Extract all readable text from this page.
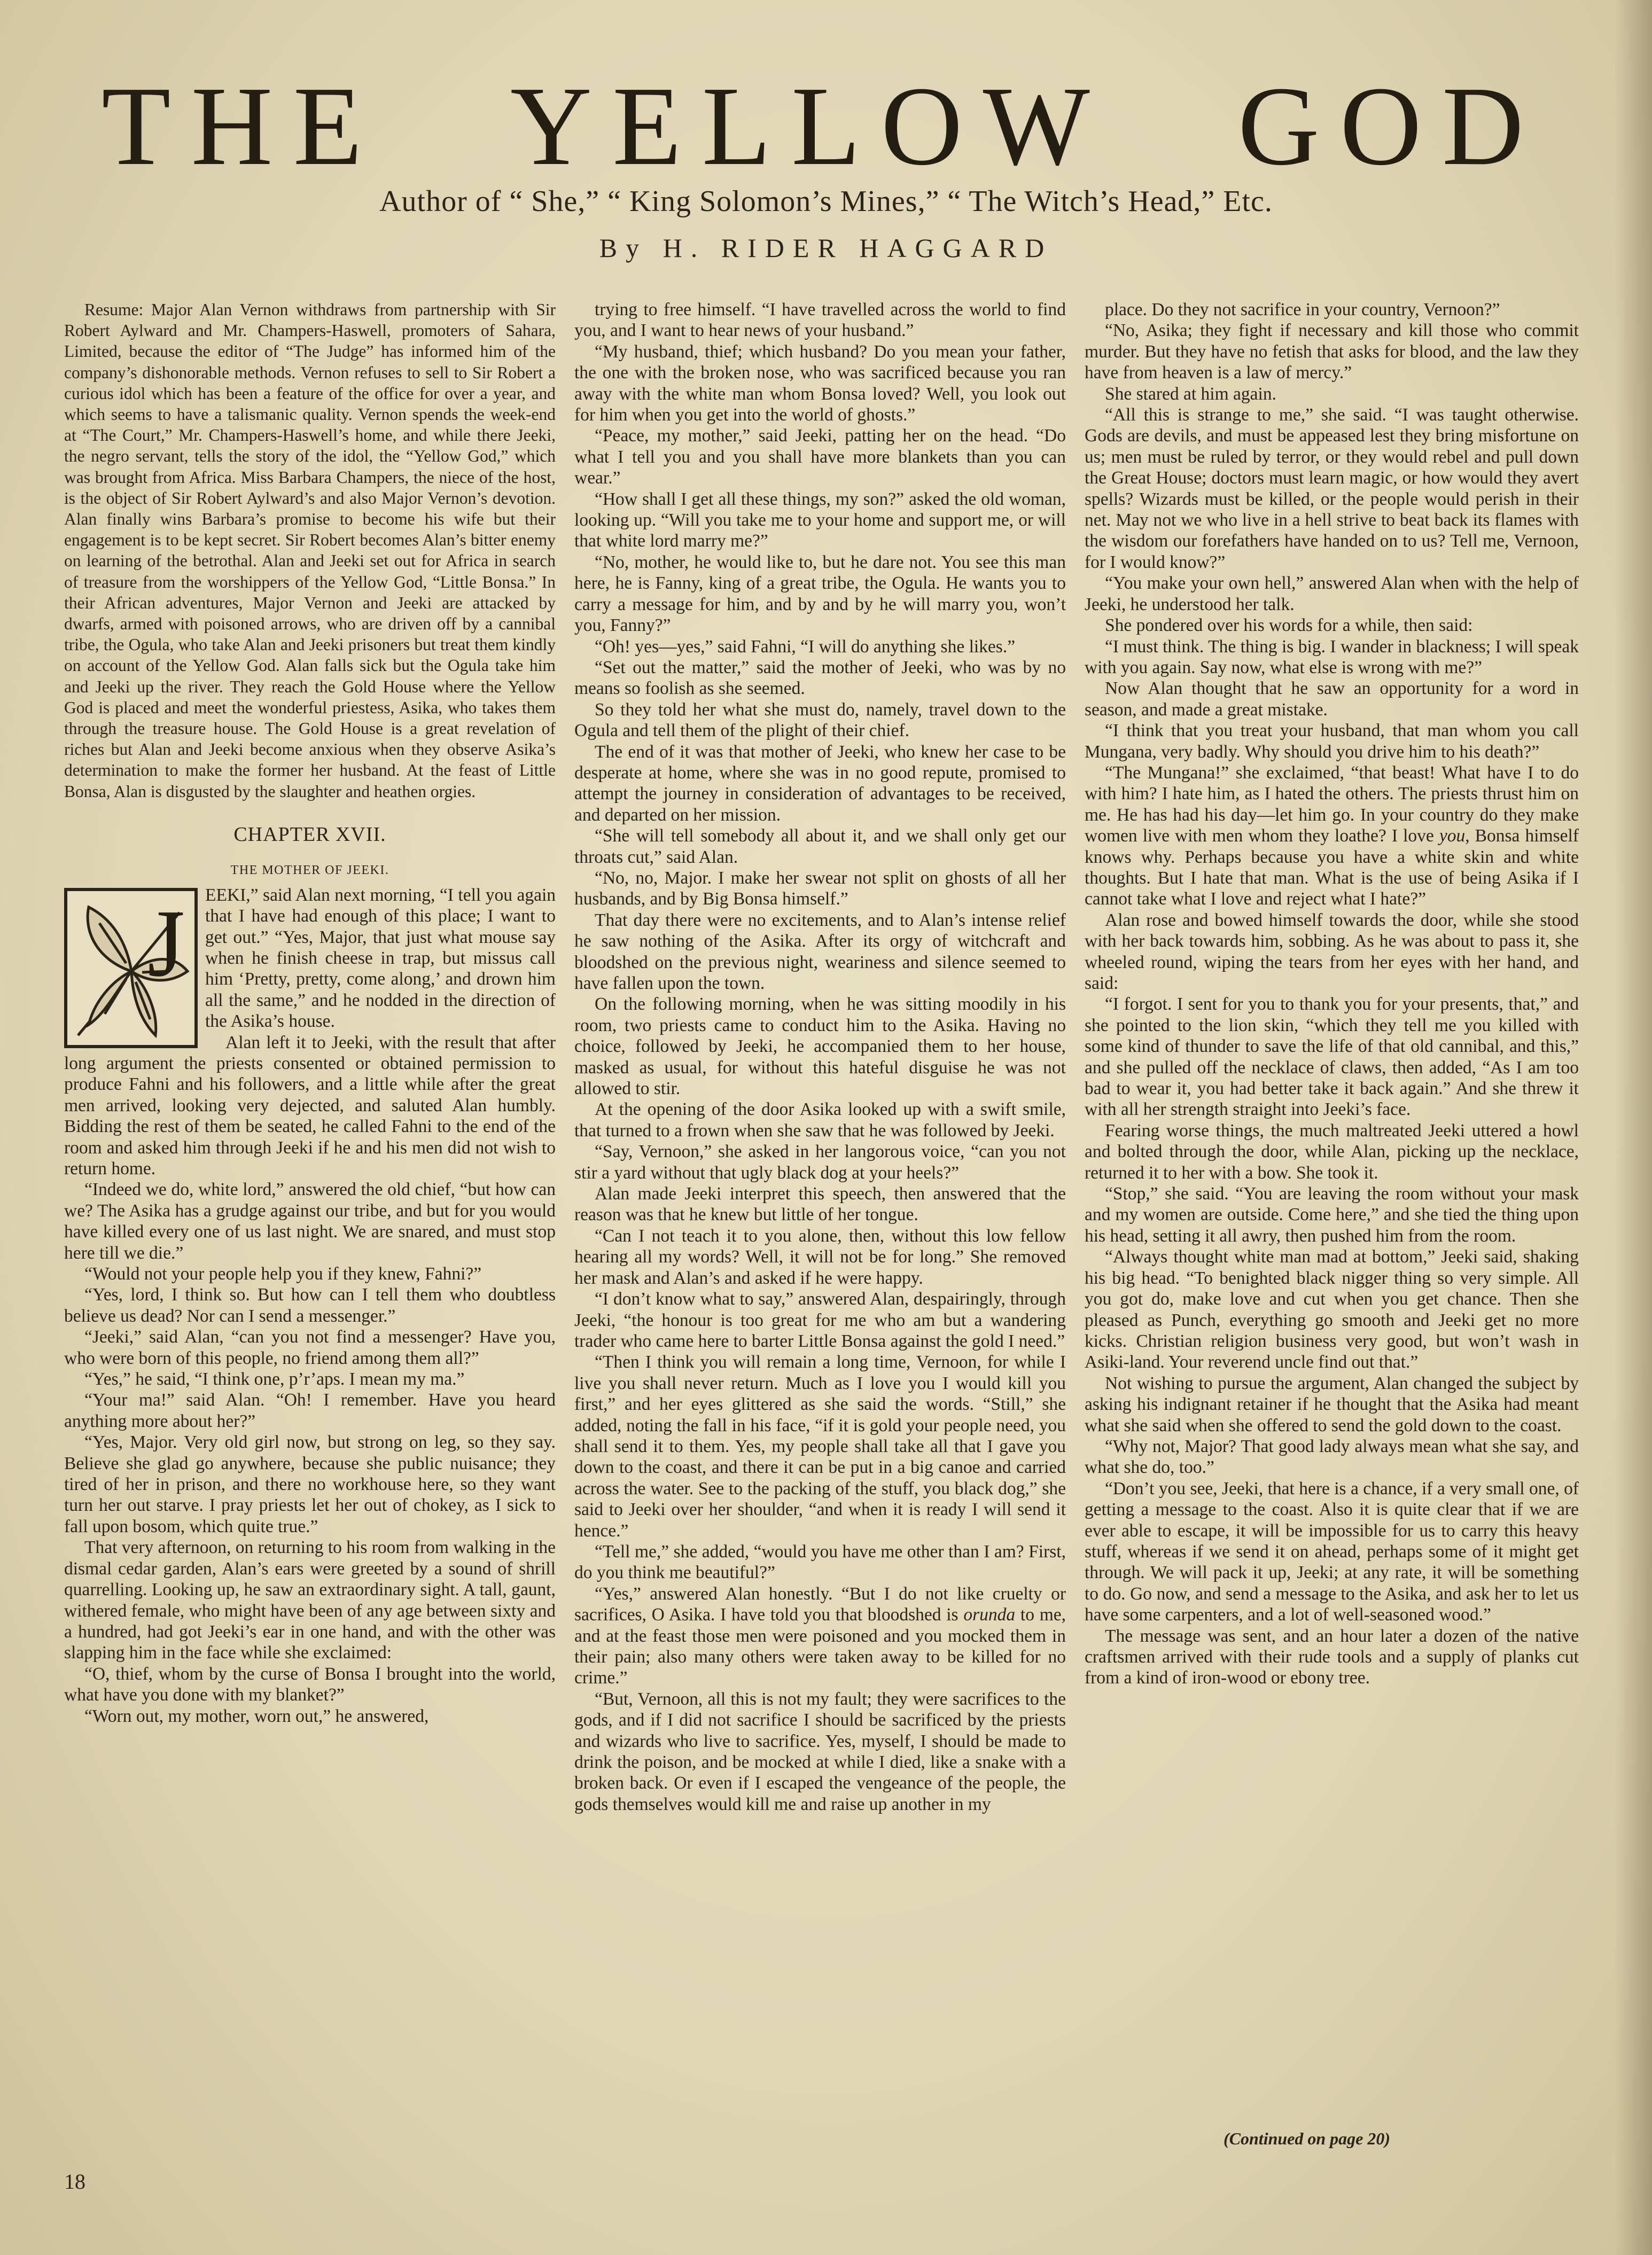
THE YELLOW GOD
Author of “ She,” “ King Solomon’s Mines,” “ The Witch’s Head,” Etc.
By H. RIDER HAGGARD

Resume: Major Alan Vernon withdraws from partnership with Sir Robert Aylward and Mr. Champers-Haswell, promoters of Sahara, Limited, because the editor of “The Judge” has informed him of the company’s dishonorable methods. Vernon refuses to sell to Sir Robert a curious idol which has been a feature of the office for over a year, and which seems to have a talismanic quality. Vernon spends the week-end at “The Court,” Mr. Champers-Haswell’s home, and while there Jeeki, the negro servant, tells the story of the idol, the “Yellow God,” which was brought from Africa. Miss Barbara Champers, the niece of the host, is the object of Sir Robert Aylward’s and also Major Vernon’s devotion. Alan finally wins Barbara’s promise to become his wife but their engagement is to be kept secret. Sir Robert becomes Alan’s bitter enemy on learning of the betrothal. Alan and Jeeki set out for Africa in search of treasure from the worshippers of the Yellow God, “Little Bonsa.” In their African adventures, Major Vernon and Jeeki are attacked by dwarfs, armed with poisoned arrows, who are driven off by a cannibal tribe, the Ogula, who take Alan and Jeeki prisoners but treat them kindly on account of the Yellow God. Alan falls sick but the Ogula take him and Jeeki up the river. They reach the Gold House where the Yellow God is placed and meet the wonderful priestess, Asika, who takes them through the treasure house. The Gold House is a great revelation of riches but Alan and Jeeki become anxious when they observe Asika’s determination to make the former her husband. At the feast of Little Bonsa, Alan is disgusted by the slaughter and heathen orgies.

CHAPTER XVII.
THE MOTHER OF JEEKI.
J	EEKI,” said Alan next morning, “I tell you again that I have had enough of this place; I want to get out.” “Yes, Major, that just what mouse say when he finish cheese in trap, but missus call him ‘Pretty, pretty, come along,’ and drown him all the same,” and he nodded in the direction of the Asika’s house.

Alan left it to Jeeki, with the result that after long argument the priests consented or obtained permission to produce Fahni and his followers, and a little while after the great men arrived, looking very dejected, and saluted Alan humbly. Bidding the rest of them be seated, he called Fahni to the end of the room and asked him through Jeeki if he and his men did not wish to return home.

“Indeed we do, white lord,” answered the old chief, “but how can we? The Asika has a grudge against our tribe, and but for you would have killed every one of us last night. We are snared, and must stop here till we die.”

“Would not your people help you if they knew, Fahni?”

“Yes, lord, I think so. But how can I tell them who doubtless believe us dead? Nor can I send a messenger.”

“Jeeki,” said Alan, “can you not find a messenger? Have you, who were born of this people, no friend among them all?”

“Yes,” he said, “I think one, p’r’aps. I mean my ma.”

“Your ma!” said Alan. “Oh! I remember. Have you heard anything more about her?”

“Yes, Major. Very old girl now, but strong on leg, so they say. Believe she glad go anywhere, because she public nuisance; they tired of her in prison, and there no workhouse here, so they want turn her out starve. I pray priests let her out of chokey, as I sick to fall upon bosom, which quite true.”

That very afternoon, on returning to his room from walking in the dismal cedar garden, Alan’s ears were greeted by a sound of shrill quarrelling. Looking up, he saw an extraordinary sight. A tall, gaunt, withered female, who might have been of any age between sixty and a hundred, had got Jeeki’s ear in one hand, and with the other was slapping him in the face while she exclaimed:

“O, thief, whom by the curse of Bonsa I brought into the world, what have you done with my blanket?”

“Worn out, my mother, worn out,” he answered,

trying to free himself. “I have travelled across the world to find you, and I want to hear news of your husband.”

“My husband, thief; which husband? Do you mean your father, the one with the broken nose, who was sacrificed because you ran away with the white man whom Bonsa loved? Well, you look out for him when you get into the world of ghosts.”

“Peace, my mother,” said Jeeki, patting her on the head. “Do what I tell you and you shall have more blankets than you can wear.”

“How shall I get all these things, my son?” asked the old woman, looking up. “Will you take me to your home and support me, or will that white lord marry me?”

“No, mother, he would like to, but he dare not. You see this man here, he is Fanny, king of a great tribe, the Ogula. He wants you to carry a message for him, and by and by he will marry you, won’t you, Fanny?”

“Oh! yes—yes,” said Fahni, “I will do anything she likes.”

“Set out the matter,” said the mother of Jeeki, who was by no means so foolish as she seemed.

So they told her what she must do, namely, travel down to the Ogula and tell them of the plight of their chief.

The end of it was that mother of Jeeki, who knew her case to be desperate at home, where she was in no good repute, promised to attempt the journey in consideration of advantages to be received, and departed on her mission.

“She will tell somebody all about it, and we shall only get our throats cut,” said Alan.

“No, no, Major. I make her swear not split on ghosts of all her husbands, and by Big Bonsa himself.”

That day there were no excitements, and to Alan’s intense relief he saw nothing of the Asika. After its orgy of witchcraft and bloodshed on the previous night, weariness and silence seemed to have fallen upon the town.

On the following morning, when he was sitting moodily in his room, two priests came to conduct him to the Asika. Having no choice, followed by Jeeki, he accompanied them to her house, masked as usual, for without this hateful disguise he was not allowed to stir.

At the opening of the door Asika looked up with a swift smile, that turned to a frown when she saw that he was followed by Jeeki.

“Say, Vernoon,” she asked in her langorous voice, “can you not stir a yard without that ugly black dog at your heels?”

Alan made Jeeki interpret this speech, then answered that the reason was that he knew but little of her tongue.

“Can I not teach it to you alone, then, without this low fellow hearing all my words? Well, it will not be for long.” She removed her mask and Alan’s and asked if he were happy.

“I don’t know what to say,” answered Alan, despairingly, through Jeeki, “the honour is too great for me who am but a wandering trader who came here to barter Little Bonsa against the gold I need.”

“Then I think you will remain a long time, Vernoon, for while I live you shall never return. Much as I love you I would kill you first,” and her eyes glittered as she said the words. “Still,” she added, noting the fall in his face, “if it is gold your people need, you shall send it to them. Yes, my people shall take all that I gave you down to the coast, and there it can be put in a big canoe and carried across the water. See to the packing of the stuff, you black dog,” she said to Jeeki over her shoulder, “and when it is ready I will send it hence.”

“Tell me,” she added, “would you have me other than I am? First, do you think me beautiful?”

“Yes,” answered Alan honestly. “But I do not like cruelty or sacrifices, O Asika. I have told you that bloodshed is orunda to me, and at the feast those men were poisoned and you mocked them in their pain; also many others were taken away to be killed for no crime.”

“But, Vernoon, all this is not my fault; they were sacrifices to the gods, and if I did not sacrifice I should be sacrificed by the priests and wizards who live to sacrifice. Yes, myself, I should be made to drink the poison, and be mocked at while I died, like a snake with a broken back. Or even if I escaped the vengeance of the people, the gods themselves would kill me and raise up another in my

place. Do they not sacrifice in your country, Vernoon?”

“No, Asika; they fight if necessary and kill those who commit murder. But they have no fetish that asks for blood, and the law they have from heaven is a law of mercy.”

She stared at him again.

“All this is strange to me,” she said. “I was taught otherwise. Gods are devils, and must be appeased lest they bring misfortune on us; men must be ruled by terror, or they would rebel and pull down the Great House; doctors must learn magic, or how would they avert spells? Wizards must be killed, or the people would perish in their net. May not we who live in a hell strive to beat back its flames with the wisdom our forefathers have handed on to us? Tell me, Vernoon, for I would know?”

“You make your own hell,” answered Alan when with the help of Jeeki, he understood her talk.

She pondered over his words for a while, then said:

“I must think. The thing is big. I wander in blackness; I will speak with you again. Say now, what else is wrong with me?”

Now Alan thought that he saw an opportunity for a word in season, and made a great mistake.

“I think that you treat your husband, that man whom you call Mungana, very badly. Why should you drive him to his death?”

“The Mungana!” she exclaimed, “that beast! What have I to do with him? I hate him, as I hated the others. The priests thrust him on me. He has had his day—let him go. In your country do they make women live with men whom they loathe? I love you, Bonsa himself knows why. Perhaps because you have a white skin and white thoughts. But I hate that man. What is the use of being Asika if I cannot take what I love and reject what I hate?”

Alan rose and bowed himself towards the door, while she stood with her back towards him, sobbing. As he was about to pass it, she wheeled round, wiping the tears from her eyes with her hand, and said:

“I forgot. I sent for you to thank you for your presents, that,” and she pointed to the lion skin, “which they tell me you killed with some kind of thunder to save the life of that old cannibal, and this,” and she pulled off the necklace of claws, then added, “As I am too bad to wear it, you had better take it back again.” And she threw it with all her strength straight into Jeeki’s face.

Fearing worse things, the much maltreated Jeeki uttered a howl and bolted through the door, while Alan, picking up the necklace, returned it to her with a bow. She took it.

“Stop,” she said. “You are leaving the room without your mask and my women are outside. Come here,” and she tied the thing upon his head, setting it all awry, then pushed him from the room.

“Always thought white man mad at bottom,” Jeeki said, shaking his big head. “To benighted black nigger thing so very simple. All you got do, make love and cut when you get chance. Then she pleased as Punch, everything go smooth and Jeeki get no more kicks. Christian religion business very good, but won’t wash in Asiki-land. Your reverend uncle find out that.”

Not wishing to pursue the argument, Alan changed the subject by asking his indignant retainer if he thought that the Asika had meant what she said when she offered to send the gold down to the coast.

“Why not, Major? That good lady always mean what she say, and what she do, too.”

“Don’t you see, Jeeki, that here is a chance, if a very small one, of getting a message to the coast. Also it is quite clear that if we are ever able to escape, it will be impossible for us to carry this heavy stuff, whereas if we send it on ahead, perhaps some of it might get through. We will pack it up, Jeeki; at any rate, it will be something to do. Go now, and send a message to the Asika, and ask her to let us have some carpenters, and a lot of well-seasoned wood.”

The message was sent, and an hour later a dozen of the native craftsmen arrived with their rude tools and a supply of planks cut from a kind of iron-wood or ebony tree.

(Continued on page 20)
18
